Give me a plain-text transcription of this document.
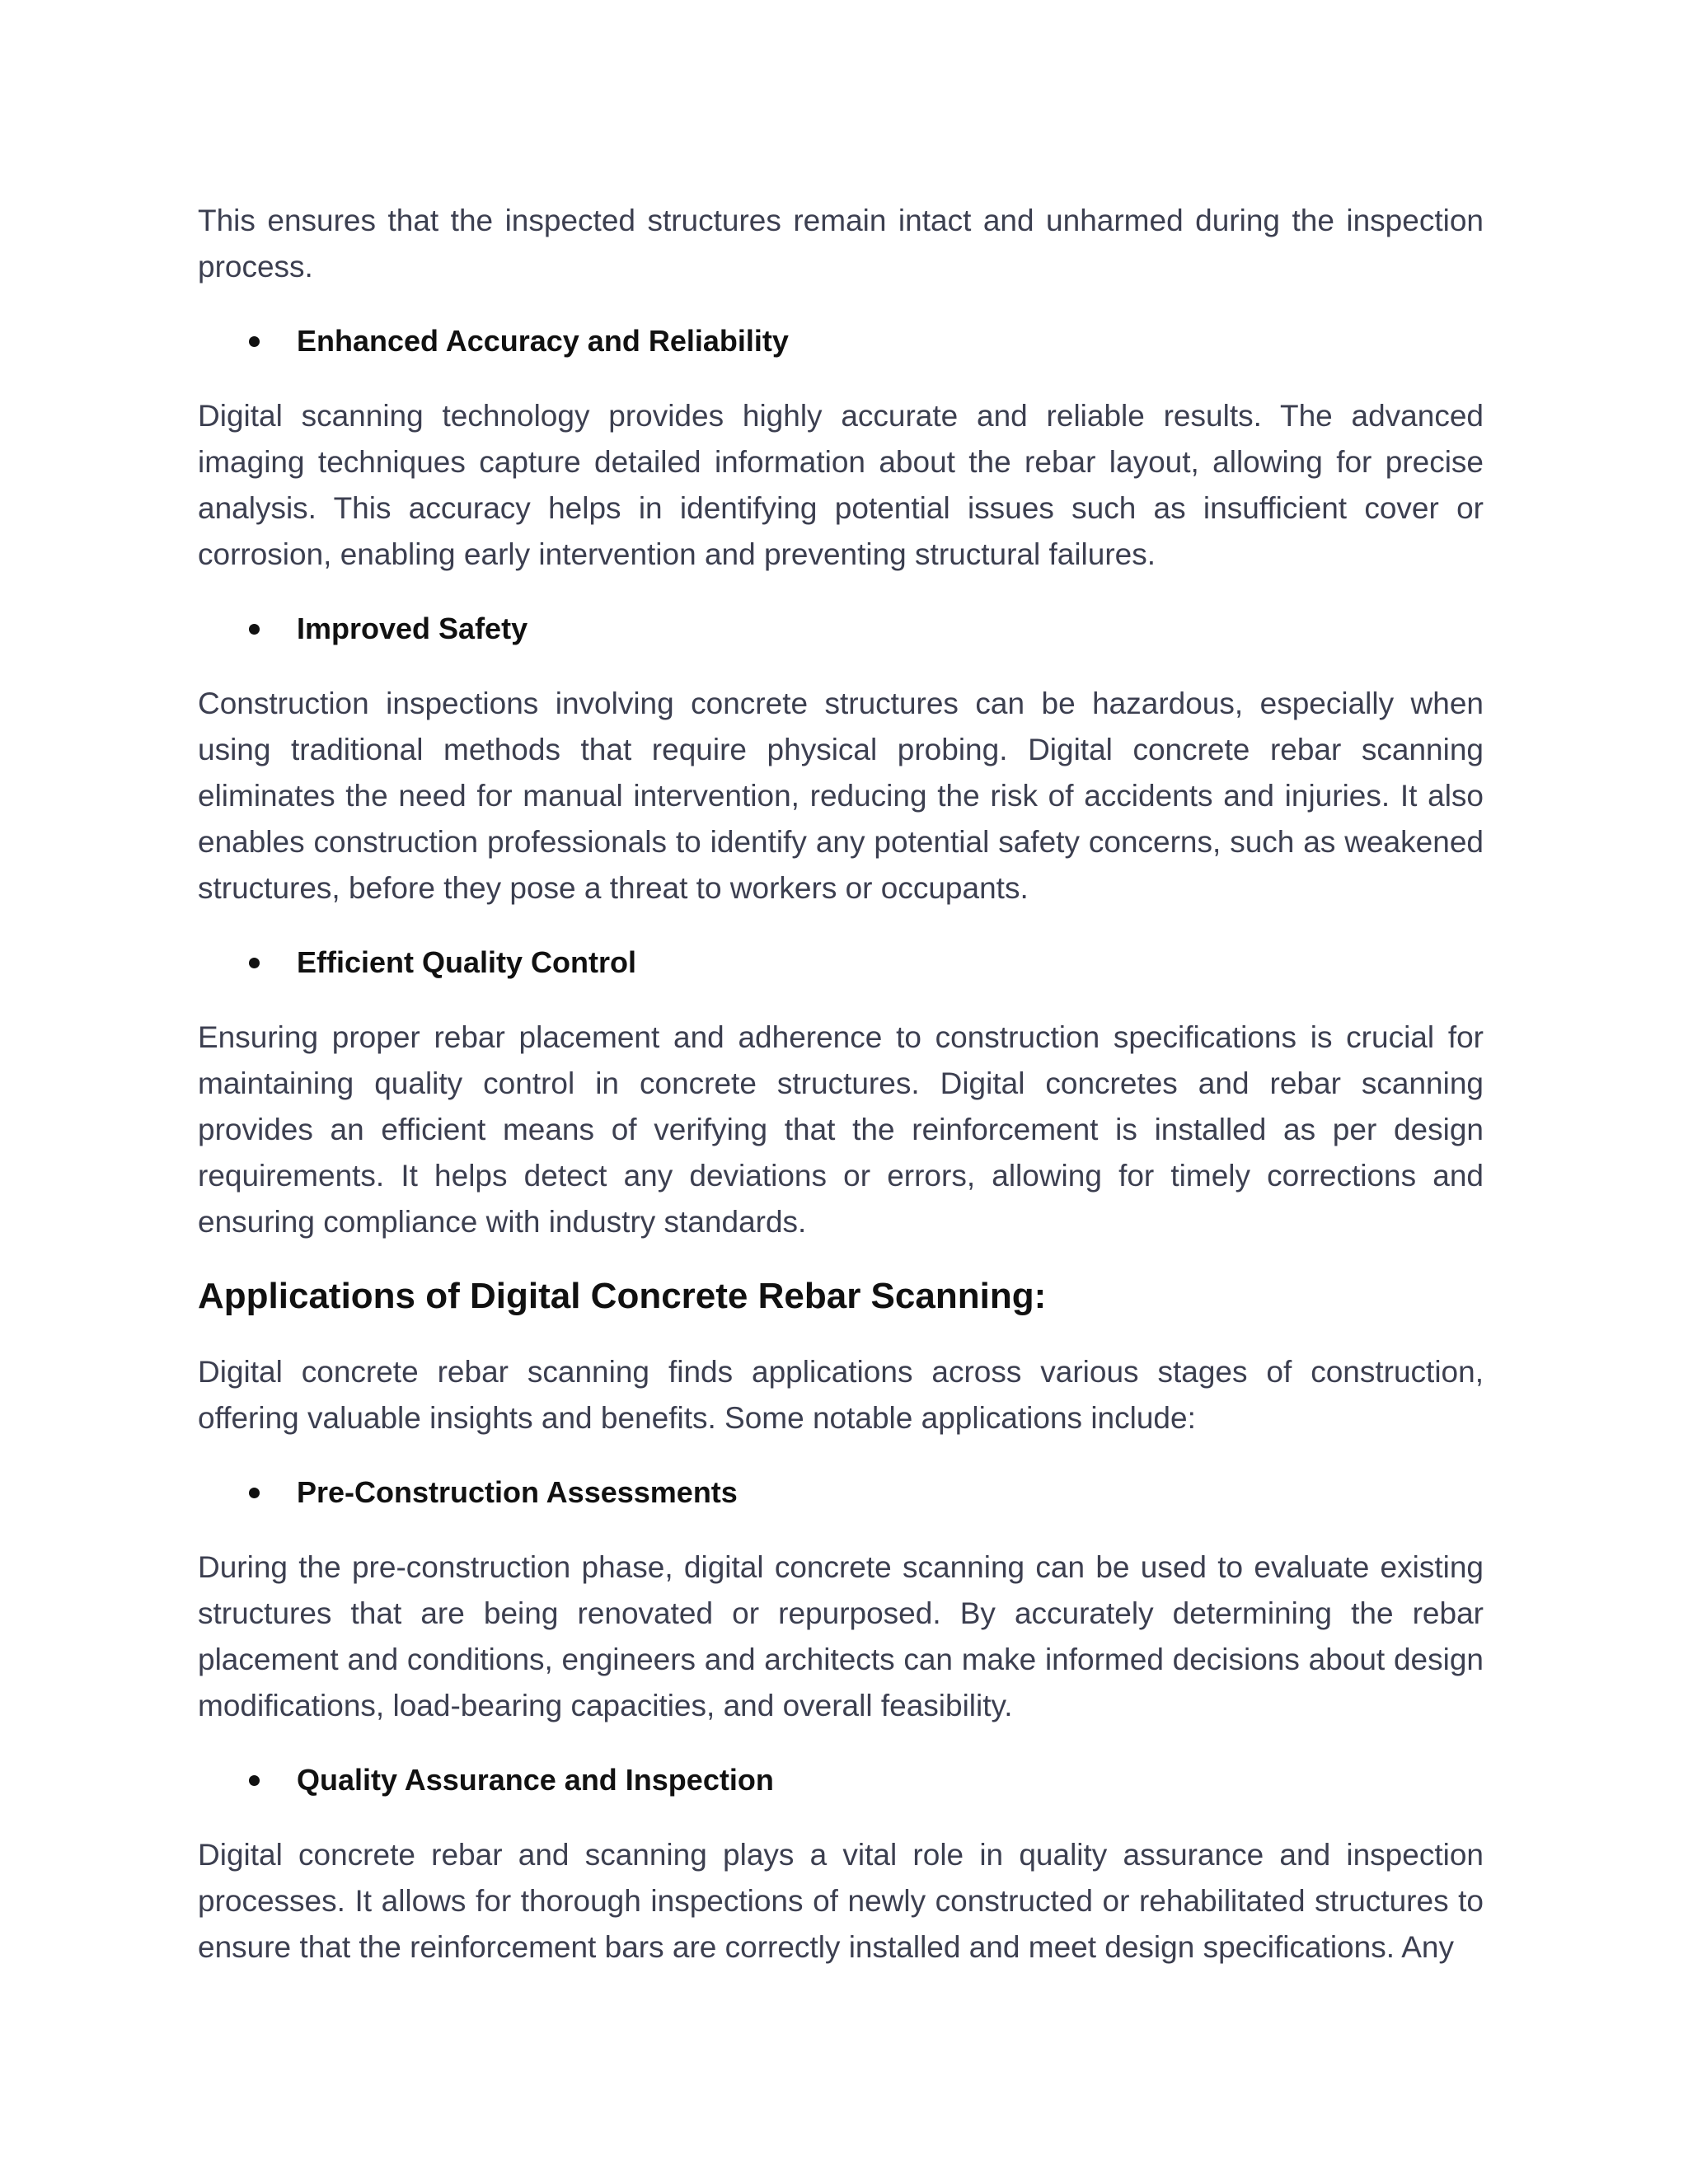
This ensures that the inspected structures remain intact and unharmed during the inspection process.

Enhanced Accuracy and Reliability

Digital scanning technology provides highly accurate and reliable results. The advanced imaging techniques capture detailed information about the rebar layout, allowing for precise analysis. This accuracy helps in identifying potential issues such as insufficient cover or corrosion, enabling early intervention and preventing structural failures.

Improved Safety

Construction inspections involving concrete structures can be hazardous, especially when using traditional methods that require physical probing. Digital concrete rebar scanning eliminates the need for manual intervention, reducing the risk of accidents and injuries. It also enables construction professionals to identify any potential safety concerns, such as weakened structures, before they pose a threat to workers or occupants.

Efficient Quality Control

Ensuring proper rebar placement and adherence to construction specifications is crucial for maintaining quality control in concrete structures. Digital concretes and rebar scanning provides an efficient means of verifying that the reinforcement is installed as per design requirements. It helps detect any deviations or errors, allowing for timely corrections and ensuring compliance with industry standards.

Applications of Digital Concrete Rebar Scanning:

Digital concrete rebar scanning finds applications across various stages of construction, offering valuable insights and benefits. Some notable applications include:

Pre-Construction Assessments

During the pre-construction phase, digital concrete scanning can be used to evaluate existing structures that are being renovated or repurposed. By accurately determining the rebar placement and conditions, engineers and architects can make informed decisions about design modifications, load-bearing capacities, and overall feasibility.

Quality Assurance and Inspection

Digital concrete rebar and scanning plays a vital role in quality assurance and inspection processes. It allows for thorough inspections of newly constructed or rehabilitated structures to ensure that the reinforcement bars are correctly installed and meet design specifications. Any
